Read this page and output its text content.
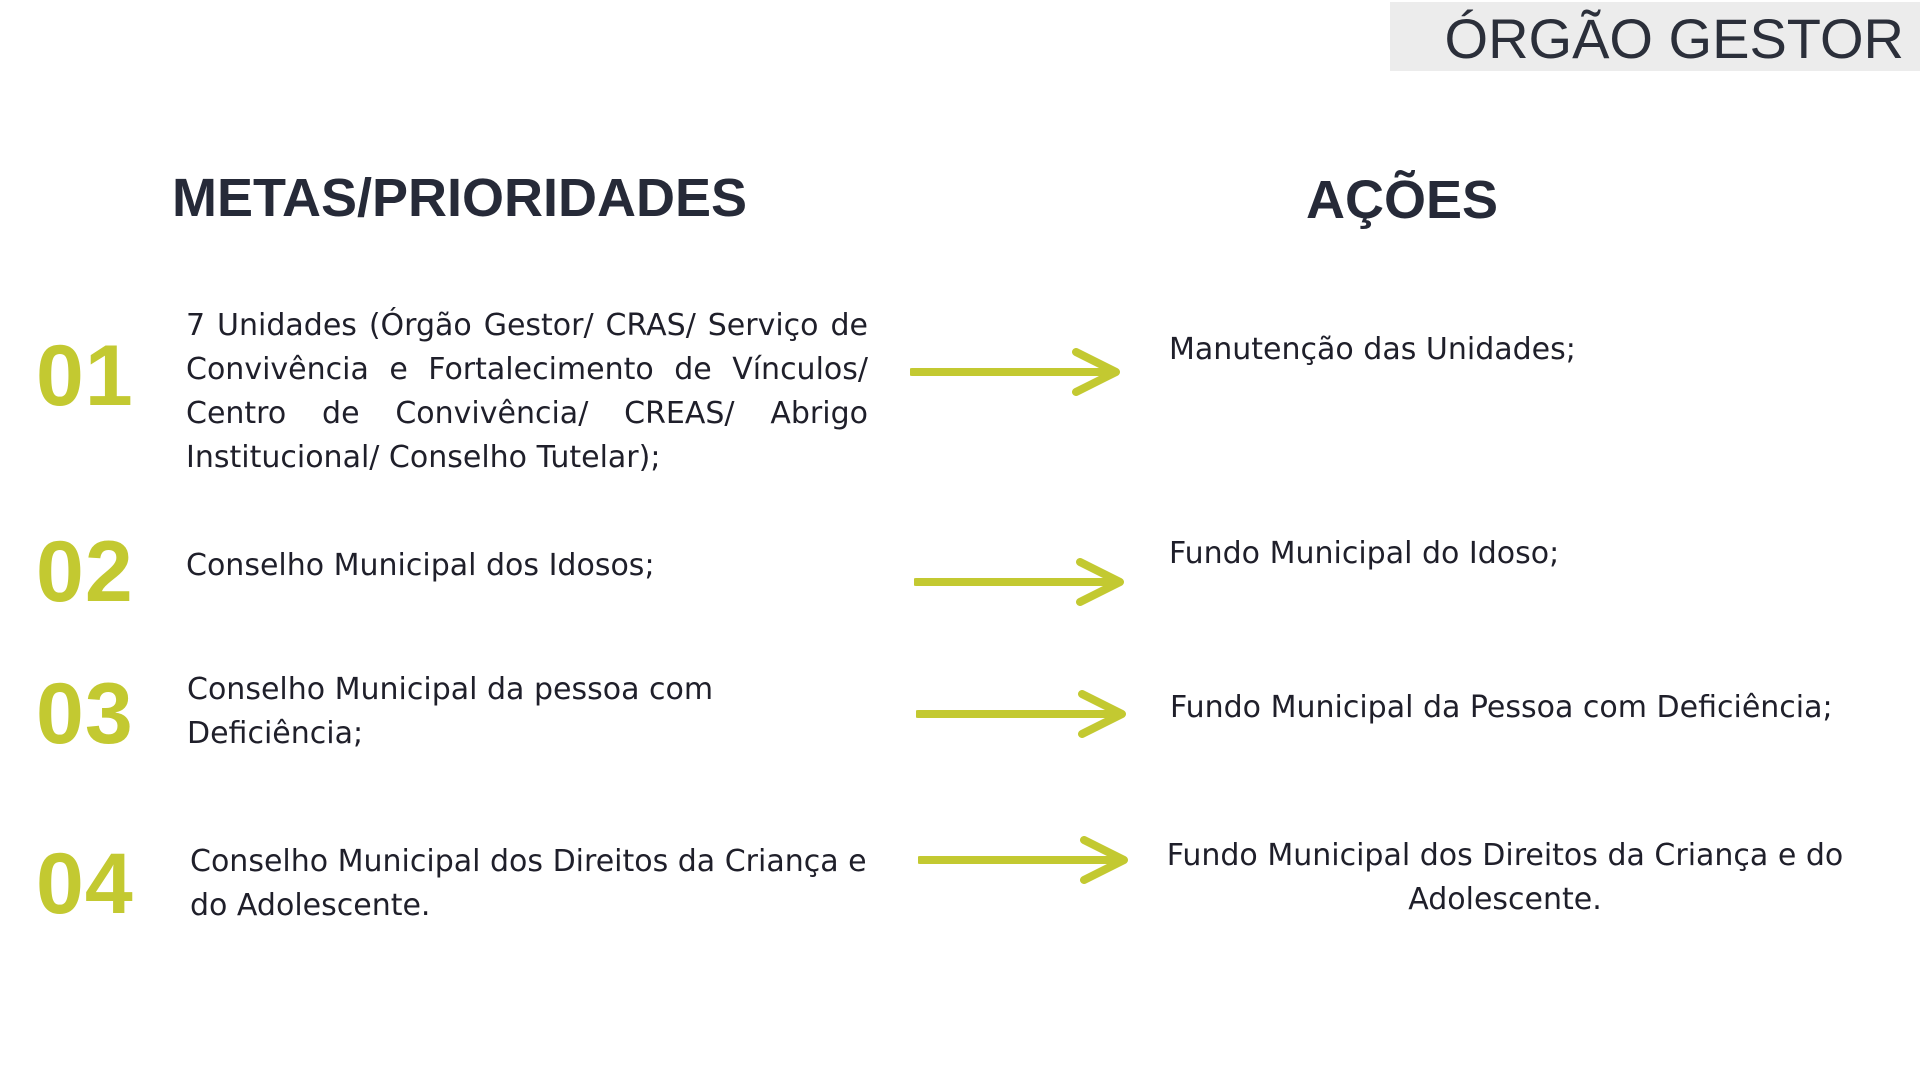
ÓRGÃO GESTOR
METAS/PRIORIDADES	AÇÕES
01
7 Unidades (Órgão Gestor/ CRAS/ Serviço de Convivência e Fortalecimento de Vínculos/ Centro de Convivência/ CREAS/ Abrigo Institucional/ Conselho Tutelar);
Manutenção das Unidades;
02 Conselho Municipal dos Idosos;	Fundo Municipal do Idoso;
03 Conselho Municipal da pessoa com
Deficiência;
Fundo Municipal da Pessoa com Deficiência;
04 Conselho Municipal dos Direitos da Criança e
do Adolescente.
Fundo Municipal dos Direitos da Criança e do
Adolescente.
